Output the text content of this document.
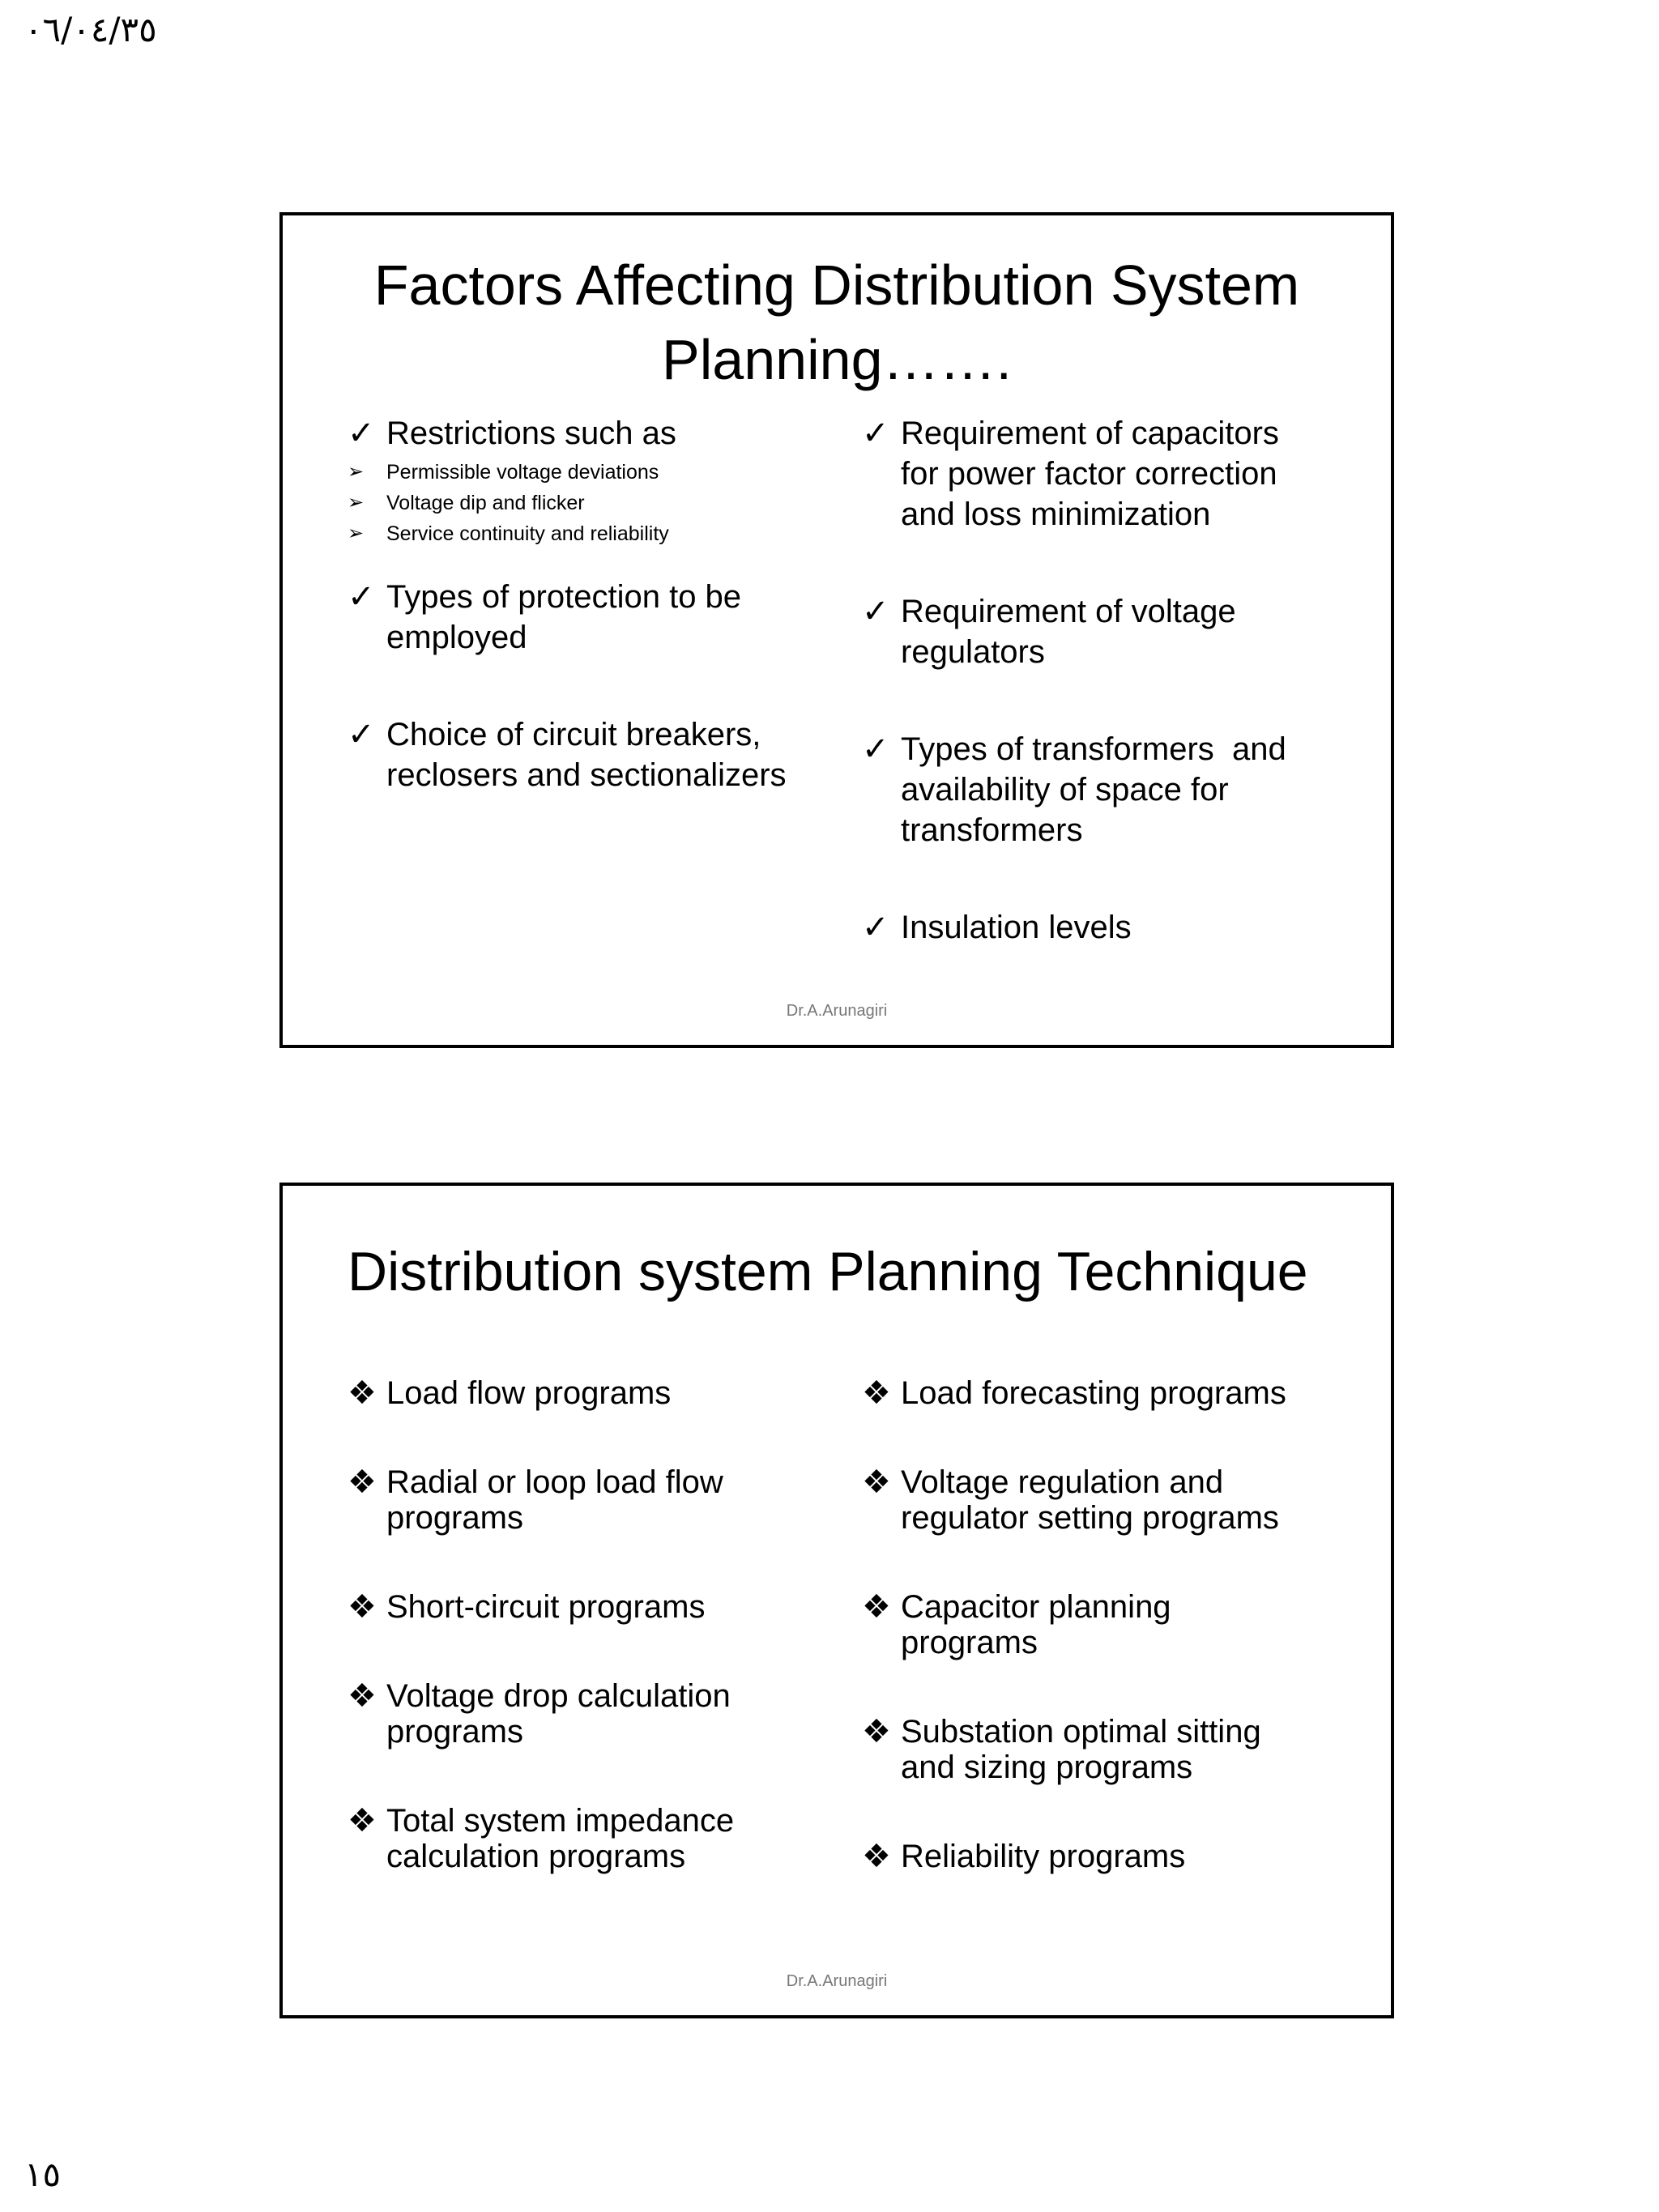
٠٦/٠٤/٣٥
Factors Affecting Distribution System
Planning…….
✓ Restrictions such as
➢ Permissible voltage deviations
➢ Voltage dip and flicker
➢ Service continuity and reliability
✓ Types of protection to be
employed
✓ Choice of circuit breakers,
reclosers and sectionalizers
✓ Requirement of capacitors
for power factor correction
and loss minimization
✓ Requirement of voltage
regulators
✓ Types of transformers  and
availability of space for
transformers
✓ Insulation levels
Dr.A.Arunagiri
Distribution system Planning Technique
❖ Load flow programs
❖ Radial or loop load flow
programs
❖ Short-circuit programs
❖ Voltage drop calculation
programs
❖ Total system impedance
calculation programs
❖ Load forecasting programs
❖ Voltage regulation and
regulator setting programs
❖ Capacitor planning
programs
❖ Substation optimal sitting
and sizing programs
❖ Reliability programs
Dr.A.Arunagiri
١٥
